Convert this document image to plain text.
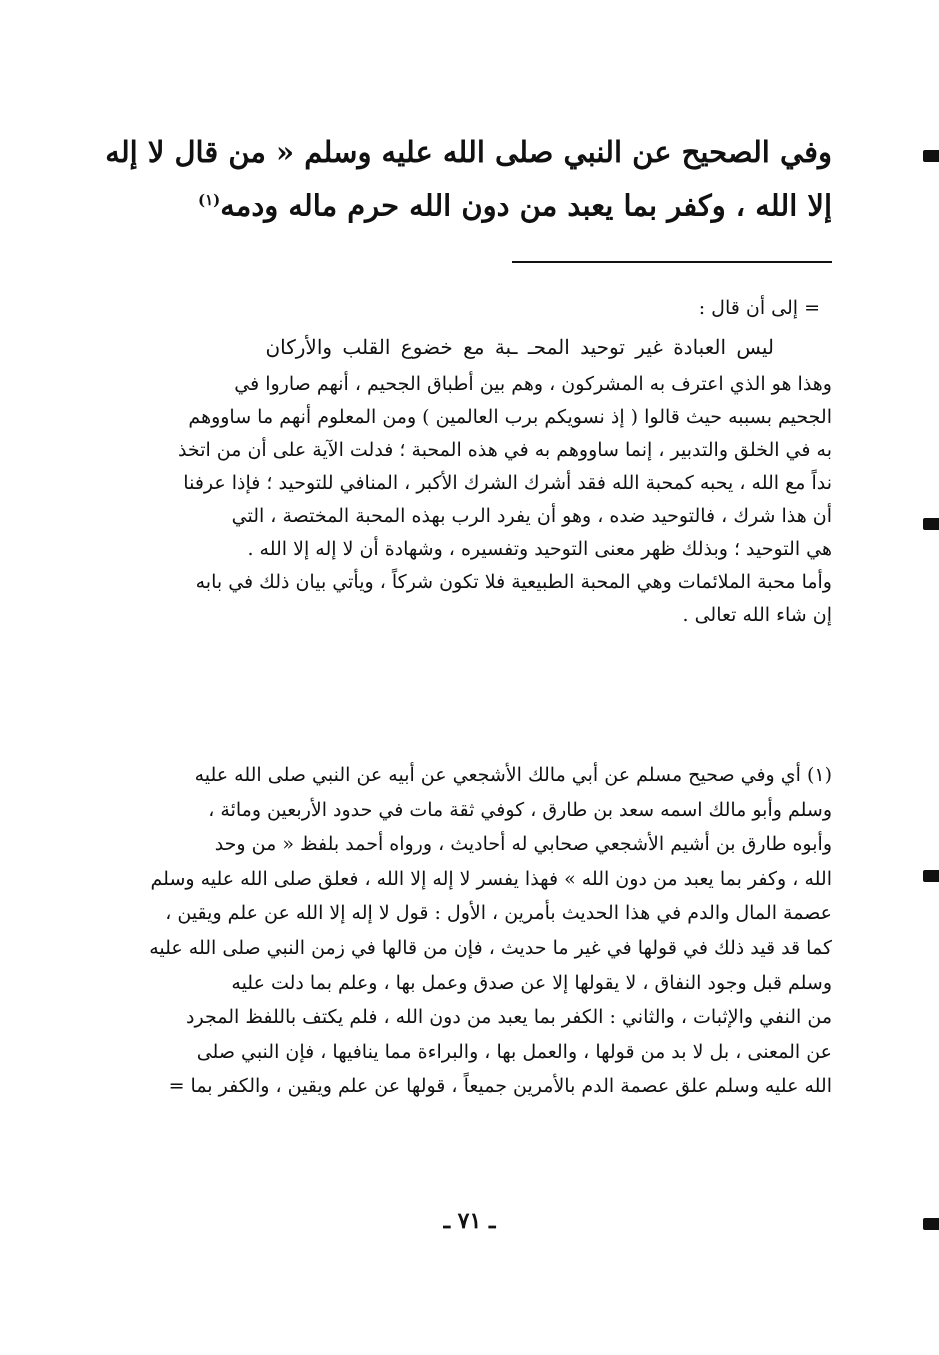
وفي الصحيح عن النبي صلى الله عليه وسلم « من قال لا إله
إلا الله ، وكفر بما يعبد من دون الله حرم ماله ودمه$^{(١)}$
= إلى أن قال :
ليس العبادة غير توحيد المحـ ـبة مع خضوع القلب والأركان
وهذا هو الذي اعترف به المشركون ، وهم بين أطباق الجحيم ، أنهم صاروا في
الجحيم بسببه حيث قالوا ( إذ نسويكم برب العالمين ) ومن المعلوم أنهم ما ساووهم
به في الخلق والتدبير ، إنما ساووهم به في هذه المحبة ؛ فدلت الآية على أن من اتخذ
نداً مع الله ، يحبه كمحبة الله فقد أشرك الشرك الأكبر ، المنافي للتوحيد ؛ فإذا عرفنا
أن هذا شرك ، فالتوحيد ضده ، وهو أن يفرد الرب بهذه المحبة المختصة ، التي
هي التوحيد ؛ وبذلك ظهر معنى التوحيد وتفسيره ، وشهادة أن لا إله إلا الله .
وأما محبة الملائمات وهي المحبة الطبيعية فلا تكون شركاً ، ويأتي بيان ذلك في بابه
إن شاء الله تعالى .
(١) أي وفي صحيح مسلم عن أبي مالك الأشجعي عن أبيه عن النبي صلى الله عليه
وسلم وأبو مالك اسمه سعد بن طارق ، كوفي ثقة مات في حدود الأربعين ومائة ،
وأبوه طارق بن أشيم الأشجعي صحابي له أحاديث ، ورواه أحمد بلفظ « من وحد
الله ، وكفر بما يعبد من دون الله » فهذا يفسر لا إله إلا الله ، فعلق صلى الله عليه وسلم
عصمة المال والدم في هذا الحديث بأمرين ، الأول : قول لا إله إلا الله عن علم ويقين ،
كما قد قيد ذلك في قولها في غير ما حديث ، فإن من قالها في زمن النبي صلى الله عليه
وسلم قبل وجود النفاق ، لا يقولها إلا عن صدق وعمل بها ، وعلم بما دلت عليه
من النفي والإثبات ، والثاني : الكفر بما يعبد من دون الله ، فلم يكتف باللفظ المجرد
عن المعنى ، بل لا بد من قولها ، والعمل بها ، والبراءة مما ينافيها ، فإن النبي صلى
الله عليه وسلم علق عصمة الدم بالأمرين جميعاً ، قولها عن علم ويقين ، والكفر بما =
ـ ٧١ ـ
